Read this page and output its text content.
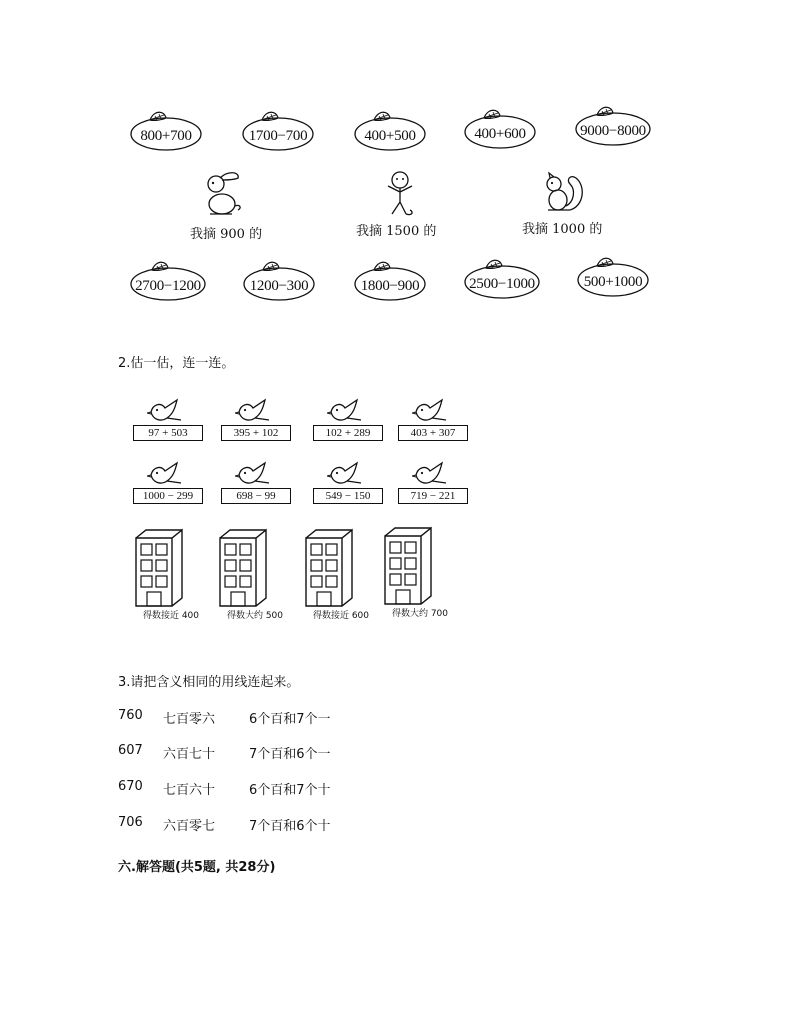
800+700	1700−700	400+500	400+600	9000−8000
我摘 900 的	我摘 1500 的	我摘 1000 的
2700−1200	1200−300	1800−900	2500−1000	500+1000
2.估一估，连一连。
97 + 503	395 + 102	102 + 289	403 + 307
1000 − 299	698 − 99	549 − 150	719 − 221
得数接近 400	得数大约 500	得数接近 600	得数大约 700
3.请把含义相同的用线连起来。
760 七百零六	6个百和7个一
607 六百七十	7个百和6个一
670 七百六十	6个百和7个十
706 六百零七	7个百和6个十
六.解答题(共5题, 共28分)
